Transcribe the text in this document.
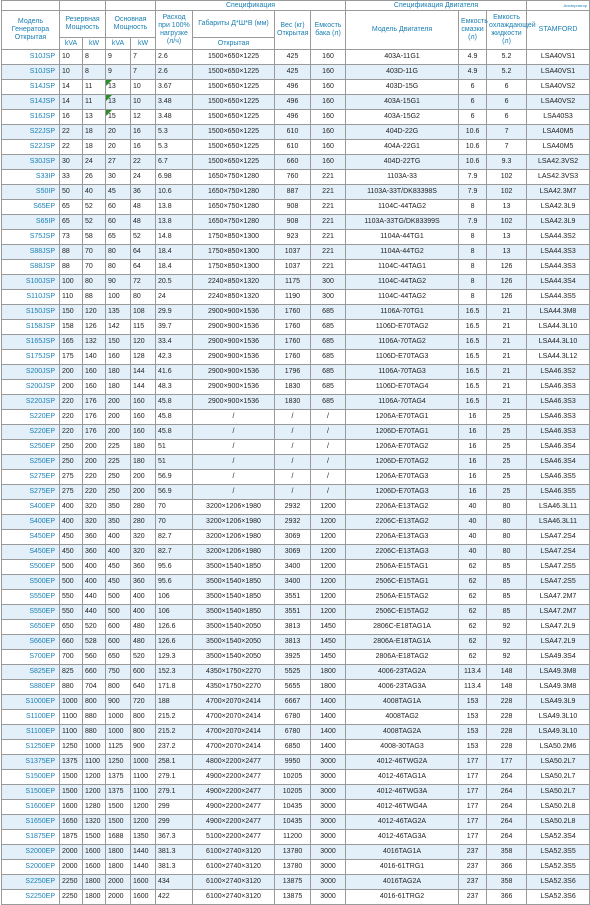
					Спецификация				Спецификация Двигателя			Альтернатор
Модель Генератора Открытая	Резервная Мощность		Основная Мощность		Расход при 100% нагрузке (л/ч)	Габариты Д*Ш*В (мм)	Вес (кг) Открытая	Емкость бака (л)	Модель Двигателя	Емкость смазки (л)	Емкость охлаждающей жидкости (л)	STAMFORD
	kVA	kW	kVA	kW		Открытая						
S10JSP	10	8	9	7	2.6	1500×650×1225	425	160	403A-11G1	4.9	5.2	LSA40VS1
S10JSP	10	8	9	7	2.6	1500×650×1225	425	160	403D-11G	4.9	5.2	LSA40VS1
S14JSP	14	11	13	10	3.67	1500×650×1225	496	160	403D-15G	6	6	LSA40VS2
S14JSP	14	11	13	10	3.48	1500×650×1225	496	160	403A-15G1	6	6	LSA40VS2
S16JSP	16	13	15	12	3.48	1500×650×1225	496	160	403A-15G2	6	6	LSA40S3
S22JSP	22	18	20	16	5.3	1500×650×1225	610	160	404D-22G	10.6	7	LSA40M5
S22JSP	22	18	20	16	5.3	1500×650×1225	610	160	404A-22G1	10.6	7	LSA40M5
S30JSP	30	24	27	22	6.7	1500×650×1225	660	160	404D-22TG	10.6	9.3	LSA42.3VS2
S33IP	33	26	30	24	6.98	1650×750×1280	760	221	1103A-33	7.9	102	LAS42.3VS3
S50IP	50	40	45	36	10.6	1650×750×1280	887	221	1103A-33T/DK83398S	7.9	102	LSA42.3M7
S65EP	65	52	60	48	13.8	1650×750×1280	908	221	1104C-44TAG2	8	13	LSA42.3L9
S65IP	65	52	60	48	13.8	1650×750×1280	908	221	1103A-33TG/DK83399S	7.9	102	LSA42.3L9
S75JSP	73	58	65	52	14.8	1750×850×1300	923	221	1104A-44TG1	8	13	LSA44.3S2
S88JSP	88	70	80	64	18.4	1750×850×1300	1037	221	1104A-44TG2	8	13	LSA44.3S3
S88JSP	88	70	80	64	18.4	1750×850×1300	1037	221	1104C-44TAG1	8	126	LSA44.3S3
S100JSP	100	80	90	72	20.5	2240×850×1320	1175	300	1104C-44TAG2	8	126	LSA44.3S4
S110JSP	110	88	100	80	24	2240×850×1320	1190	300	1104C-44TAG2	8	126	LSA44.3S5
S150JSP	150	120	135	108	29.9	2900×900×1536	1760	685	1106A-70TG1	16.5	21	LSA44.3M8
S158JSP	158	126	142	115	39.7	2900×900×1536	1760	685	1106D-E70TAG2	16.5	21	LSA44.3L10
S165JSP	165	132	150	120	33.4	2900×900×1536	1760	685	1106A-70TAG2	16.5	21	LSA44.3L10
S175JSP	175	140	160	128	42.3	2900×900×1536	1760	685	1106D-E70TAG3	16.5	21	LSA44.3L12
S200JSP	200	160	180	144	41.6	2900×900×1536	1796	685	1106A-70TAG3	16.5	21	LSA46.3S2
S200JSP	200	160	180	144	48.3	2900×900×1536	1830	685	1106D-E70TAG4	16.5	21	LSA46.3S3
S220JSP	220	176	200	160	45.8	2900×900×1536	1830	685	1106A-70TAG4	16.5	21	LSA46.3S3
S220EP	220	176	200	160	45.8	/	/	/	1206A-E70TAG1	16	25	LSA46.3S3
S220EP	220	176	200	160	45.8	/	/	/	1206D-E70TAG1	16	25	LSA46.3S3
S250EP	250	200	225	180	51	/	/	/	1206A-E70TAG2	16	25	LSA46.3S4
S250EP	250	200	225	180	51	/	/	/	1206D-E70TAG2	16	25	LSA46.3S4
S275EP	275	220	250	200	56.9	/	/	/	1206A-E70TAG3	16	25	LSA46.3S5
S275EP	275	220	250	200	56.9	/	/	/	1206D-E70TAG3	16	25	LSA46.3S5
S400EP	400	320	350	280	70	3200×1206×1980	2932	1200	2206A-E13TAG2	40	80	LSA46.3L11
S400EP	400	320	350	280	70	3200×1206×1980	2932	1200	2206C-E13TAG2	40	80	LSA46.3L11
S450EP	450	360	400	320	82.7	3200×1206×1980	3069	1200	2206A-E13TAG3	40	80	LSA47.2S4
S450EP	450	360	400	320	82.7	3200×1206×1980	3069	1200	2206C-E13TAG3	40	80	LSA47.2S4
S500EP	500	400	450	360	95.6	3500×1540×1850	3400	1200	2506A-E15TAG1	62	85	LSA47.2S5
S500EP	500	400	450	360	95.6	3500×1540×1850	3400	1200	2506C-E15TAG1	62	85	LSA47.2S5
S550EP	550	440	500	400	106	3500×1540×1850	3551	1200	2506A-E15TAG2	62	85	LSA47.2M7
S550EP	550	440	500	400	106	3500×1540×1850	3551	1200	2506C-E15TAG2	62	85	LSA47.2M7
S650EP	650	520	600	480	126.6	3500×1540×2050	3813	1450	2806C-E18TAG1A	62	92	LSA47.2L9
S660EP	660	528	600	480	126.6	3500×1540×2050	3813	1450	2806A-E18TAG1A	62	92	LSA47.2L9
S700EP	700	560	650	520	129.3	3500×1540×2050	3925	1450	2806A-E18TAG2	62	92	LSA49.3S4
S825EP	825	660	750	600	152.3	4350×1750×2270	5525	1800	4006-23TAG2A	113.4	148	LSA49.3M8
S880EP	880	704	800	640	171.8	4350×1750×2270	5655	1800	4006-23TAG3A	113.4	148	LSA49.3M8
S1000EP	1000	800	900	720	188	4700×2070×2414	6667	1400	4008TAG1A	153	228	LSA49.3L9
S1100EP	1100	880	1000	800	215.2	4700×2070×2414	6780	1400	4008TAG2	153	228	LSA49.3L10
S1100EP	1100	880	1000	800	215.2	4700×2070×2414	6780	1400	4008TAG2A	153	228	LSA49.3L10
S1250EP	1250	1000	1125	900	237.2	4700×2070×2414	6850	1400	4008-30TAG3	153	228	LSA50.2M6
S1375EP	1375	1100	1250	1000	258.1	4800×2200×2477	9950	3000	4012-46TWG2A	177	177	LSA50.2L7
S1500EP	1500	1200	1375	1100	279.1	4900×2200×2477	10205	3000	4012-46TAG1A	177	264	LSA50.2L7
S1500EP	1500	1200	1375	1100	279.1	4900×2200×2477	10205	3000	4012-46TWG3A	177	264	LSA50.2L7
S1600EP	1600	1280	1500	1200	299	4900×2200×2477	10435	3000	4012-46TWG4A	177	264	LSA50.2L8
S1650EP	1650	1320	1500	1200	299	4900×2200×2477	10435	3000	4012-46TAG2A	177	264	LSA50.2L8
S1875EP	1875	1500	1688	1350	367.3	5100×2200×2477	11200	3000	4012-46TAG3A	177	264	LSA52.3S4
S2000EP	2000	1600	1800	1440	381.3	6100×2740×3120	13780	3000	4016TAG1A	237	358	LSA52.3S5
S2000EP	2000	1600	1800	1440	381.3	6100×2740×3120	13780	3000	4016-61TRG1	237	366	LSA52.3S5
S2250EP	2250	1800	2000	1600	434	6100×2740×3120	13875	3000	4016TAG2A	237	358	LSA52.3S6
S2250EP	2250	1800	2000	1600	422	6100×2740×3120	13875	3000	4016-61TRG2	237	366	LSA52.3S6
